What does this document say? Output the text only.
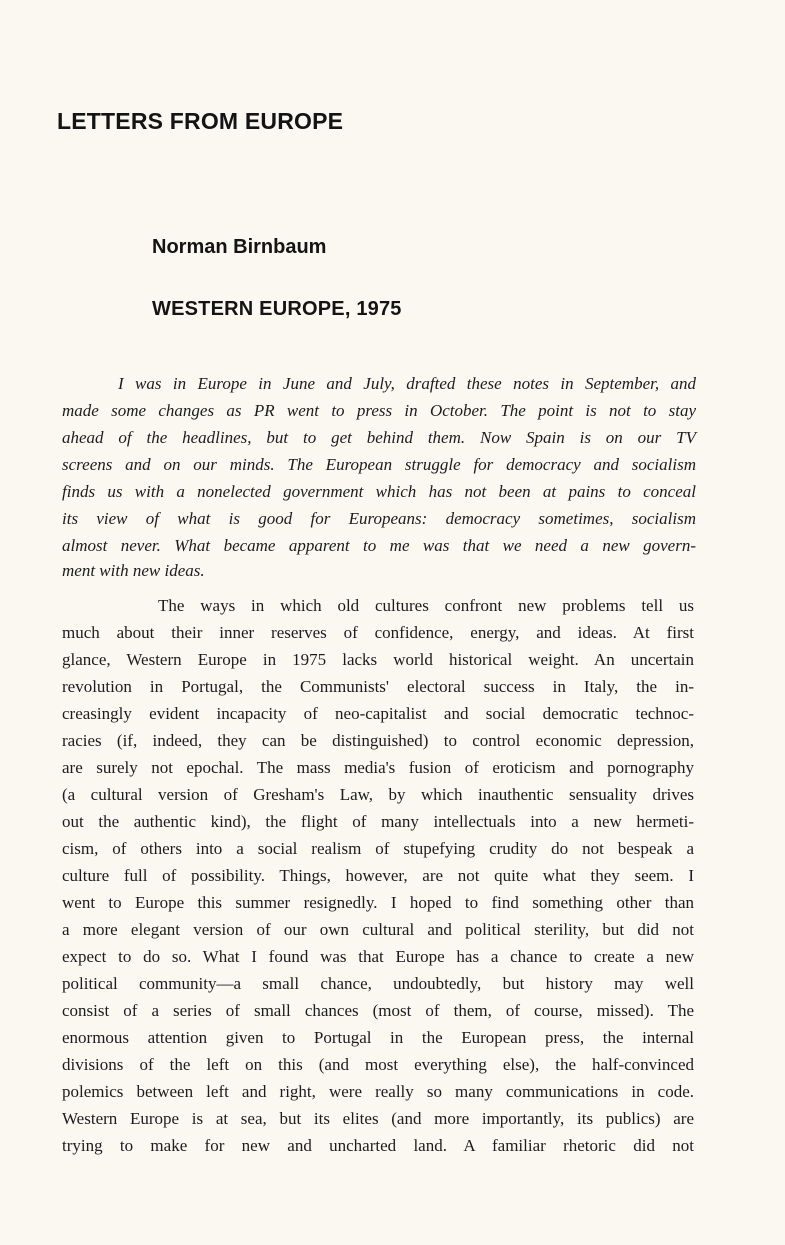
LETTERS FROM EUROPE
Norman Birnbaum
WESTERN EUROPE, 1975

I was in Europe in June and July, drafted these notes in September, and

made some changes as PR went to press in October. The point is not to stay

ahead of the headlines, but to get behind them. Now Spain is on our TV

screens and on our minds. The European struggle for democracy and socialism

finds us with a nonelected government which has not been at pains to conceal

its view of what is good for Europeans: democracy sometimes, socialism

almost never. What became apparent to me was that we need a new govern-

ment with new ideas.

The ways in which old cultures confront new problems tell us

much about their inner reserves of confidence, energy, and ideas. At first

glance, Western Europe in 1975 lacks world historical weight. An uncertain

revolution in Portugal, the Communists' electoral success in Italy, the in-

creasingly evident incapacity of neo-capitalist and social democratic technoc-

racies (if, indeed, they can be distinguished) to control economic depression,

are surely not epochal. The mass media's fusion of eroticism and pornography

(a cultural version of Gresham's Law, by which inauthentic sensuality drives

out the authentic kind), the flight of many intellectuals into a new hermeti-

cism, of others into a social realism of stupefying crudity do not bespeak a

culture full of possibility. Things, however, are not quite what they seem. I

went to Europe this summer resignedly. I hoped to find something other than

a more elegant version of our own cultural and political sterility, but did not

expect to do so. What I found was that Europe has a chance to create a new

political community—a small chance, undoubtedly, but history may well

consist of a series of small chances (most of them, of course, missed). The

enormous attention given to Portugal in the European press, the internal

divisions of the left on this (and most everything else), the half-convinced

polemics between left and right, were really so many communications in code.

Western Europe is at sea, but its elites (and more importantly, its publics) are

trying to make for new and uncharted land. A familiar rhetoric did not
